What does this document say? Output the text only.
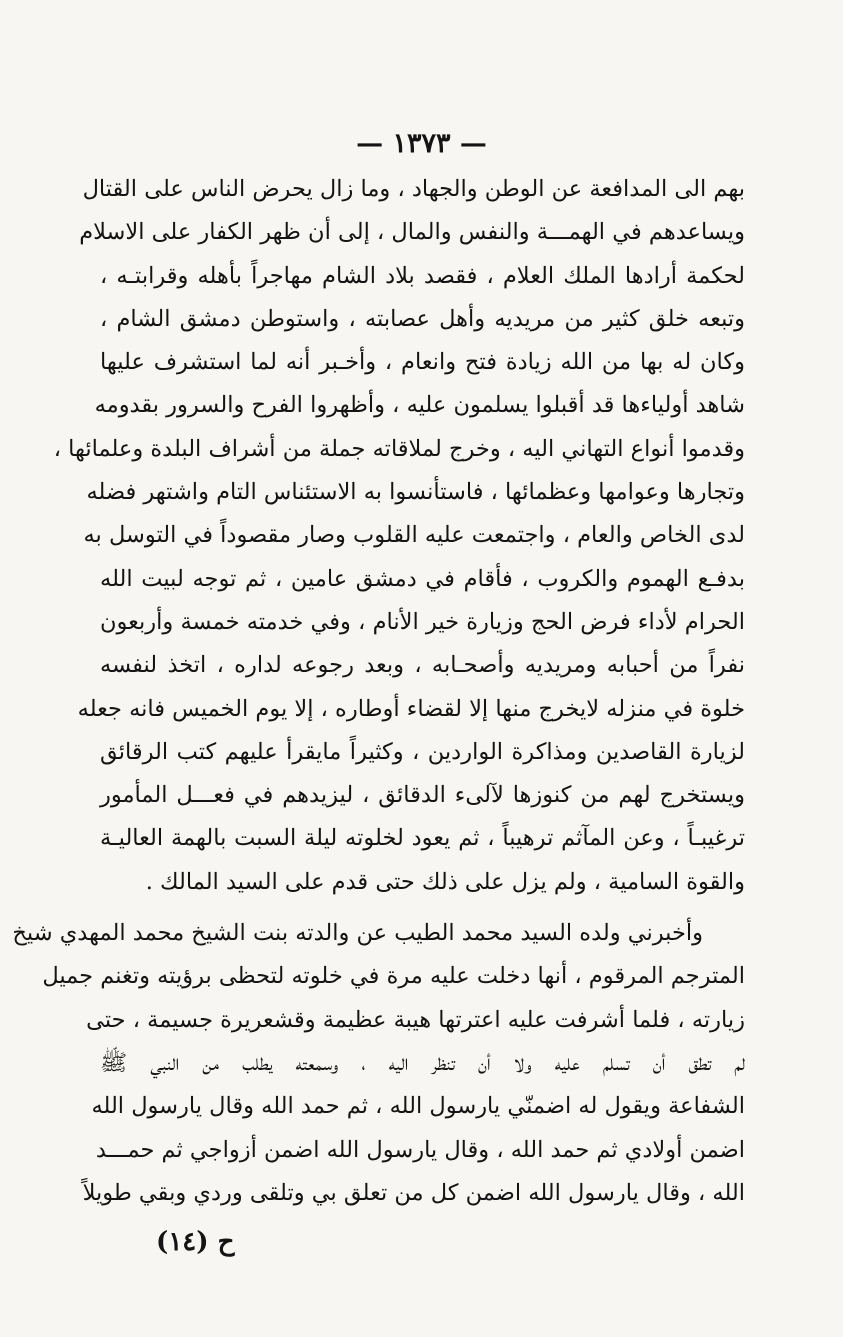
— ١٣٧٣ —
بهم الى المدافعة عن الوطن والجهاد ، وما زال يحرض الناس على القتال
ويساعدهم في الهمـــة والنفس والمال ، إلى أن ظهر الكفار على الاسلام
لحكمة أرادها الملك العلام ، فقصد بلاد الشام مهاجراً بأهله وقرابتـه ،
وتبعه خلق كثير من مريديه وأهل عصابته ، واستوطن دمشق الشام ،
وكان له بها من الله زيادة فتح وانعام ، وأخـبر أنه لما استشرف عليها
شاهد أولياءها قد أقبلوا يسلمون عليه ، وأظهروا الفرح والسرور بقدومه
وقدموا أنواع التهاني اليه ، وخرج لملاقاته جملة من أشراف البلدة وعلمائها ،
وتجارها وعوامها وعظمائها ، فاستأنسوا به الاستئناس التام واشتهر فضله
لدى الخاص والعام ، واجتمعت عليه القلوب وصار مقصوداً في التوسل به
بدفـع الهموم والكروب ، فأقام في دمشق عامين ، ثم توجه لبيت الله
الحرام لأداء فرض الحج وزيارة خير الأنام ، وفي خدمته خمسة وأربعون
نفراً من أحبابه ومريديه وأصحـابه ، وبعد رجوعه لداره ، اتخذ لنفسه
خلوة في منزله لايخرج منها إلا لقضاء أوطاره ، إلا يوم الخميس فانه جعله
لزيارة القاصدين ومذاكرة الواردين ، وكثيراً مايقرأ عليهم كتب الرقائق
ويستخرج لهم من كنوزها لآلىء الدقائق ، ليزيدهم في فعـــل المأمور
ترغيبـاً ، وعن المآثم ترهيباً ، ثم يعود لخلوته ليلة السبت بالهمة العاليـة
والقوة السامية ، ولم يزل على ذلك حتى قدم على السيد المالك .
وأخبرني ولده السيد محمد الطيب عن والدته بنت الشيخ محمد المهدي شيخ
المترجم المرقوم ، أنها دخلت عليه مرة في خلوته لتحظى برؤيته وتغنم جميل
زيارته ، فلما أشرفت عليه اعترتها هيبة عظيمة وقشعريرة جسيمة ، حتى
لم تطق أن تسلم عليه ولا أن تنظر اليه ، وسمعته يطلب من النبي ﷺ
الشفاعة ويقول له اضمنّي يارسول الله ، ثم حمد الله وقال يارسول الله
اضمن أولادي ثم حمد الله ، وقال يارسول الله اضمن أزواجي ثم حمـــد
الله ، وقال يارسول الله اضمن كل من تعلق بي وتلقى وردي وبقي طويلاً
ح (١٤)
